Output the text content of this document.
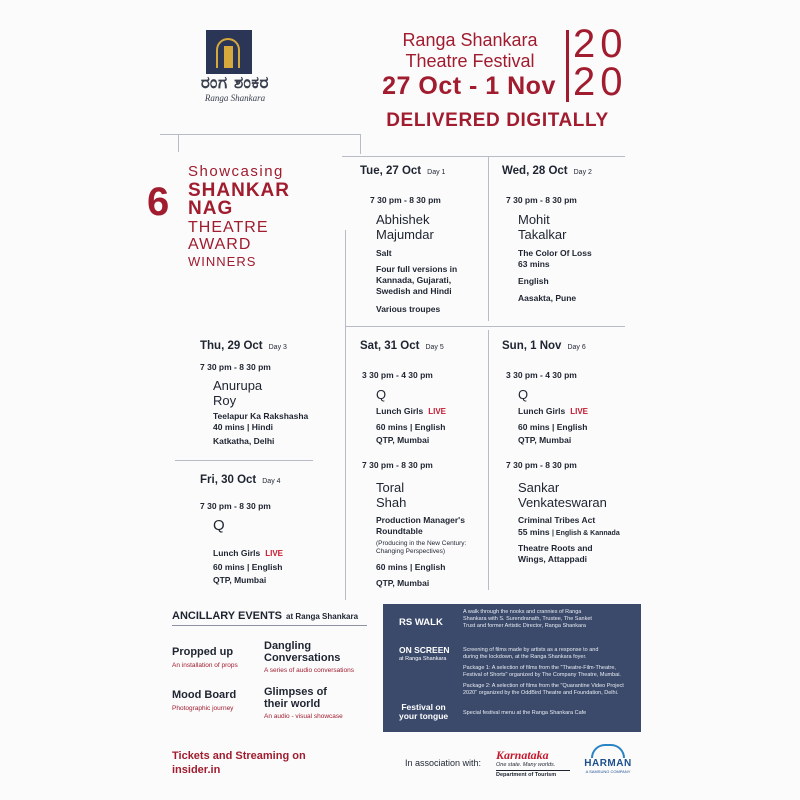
ರಂಗ ಶಂಕರ
Ranga Shankara
Ranga Shankara
Theatre Festival
27 Oct - 1 Nov
20
20
DELIVERED DIGITALLY
6
Showcasing
SHANKAR
NAG
THEATRE
AWARD
WINNERS
Tue, 27 Oct Day 1
7 30 pm - 8 30 pm
Abhishek
Majumdar
Salt
Four full versions in
Kannada, Gujarati,
Swedish and Hindi
Various troupes
Wed, 28 Oct Day 2
7 30 pm - 8 30 pm
Mohit
Takalkar
The Color Of Loss
63 mins
English
Aasakta, Pune
Thu, 29 Oct Day 3
7 30 pm - 8 30 pm
Anurupa
Roy
Teelapur Ka Rakshasha
40 mins | Hindi
Katkatha, Delhi
Fri, 30 Oct Day 4
7 30 pm - 8 30 pm
Q
Lunch Girls LIVE
60 mins | English
QTP, Mumbai
Sat, 31 Oct Day 5
3 30 pm - 4 30 pm
Q
Lunch Girls LIVE
60 mins | English
QTP, Mumbai
7 30 pm - 8 30 pm
Toral
Shah
Production Manager's
Roundtable
(Producing in the New Century:
Changing Perspectives)
60 mins | English
QTP, Mumbai
Sun, 1 Nov Day 6
3 30 pm - 4 30 pm
Q
Lunch Girls LIVE
60 mins | English
QTP, Mumbai
7 30 pm - 8 30 pm
Sankar
Venkateswaran
Criminal Tribes Act
55 mins | English & Kannada
Theatre Roots and
Wings, Attappadi
ANCILLARY EVENTS at Ranga Shankara
Propped up
An installation of props
Dangling
Conversations
A series of audio conversations
Mood Board
Photographic journey
Glimpses of
their world
An audio - visual showcase
RS WALK
A walk through the nooks and crannies of Ranga
Shankara with S. Surendranath, Trustee, The Sanket
Trust and former Artistic Director, Ranga Shankara
ON SCREEN
at Ranga Shankara
Screening of films made by artists as a response to and
during the lockdown, at the Ranga Shankara foyer.
Package 1: A selection of films from the "Theatre-Film-Theatre,
Festival of Shorts" organized by The Company Theatre, Mumbai.
Package 2: A selection of films from the "Quarantine Video Project
2020" organized by the OddBird Theatre and Foundation, Delhi.
Festival on
your tongue	Special festival menu at the Ranga Shankara Cafe
Tickets and Streaming on
insider.in
In association with:
Karnataka
One state. Many worlds.
Department of Tourism
HARMAN
A SAMSUNG COMPANY
